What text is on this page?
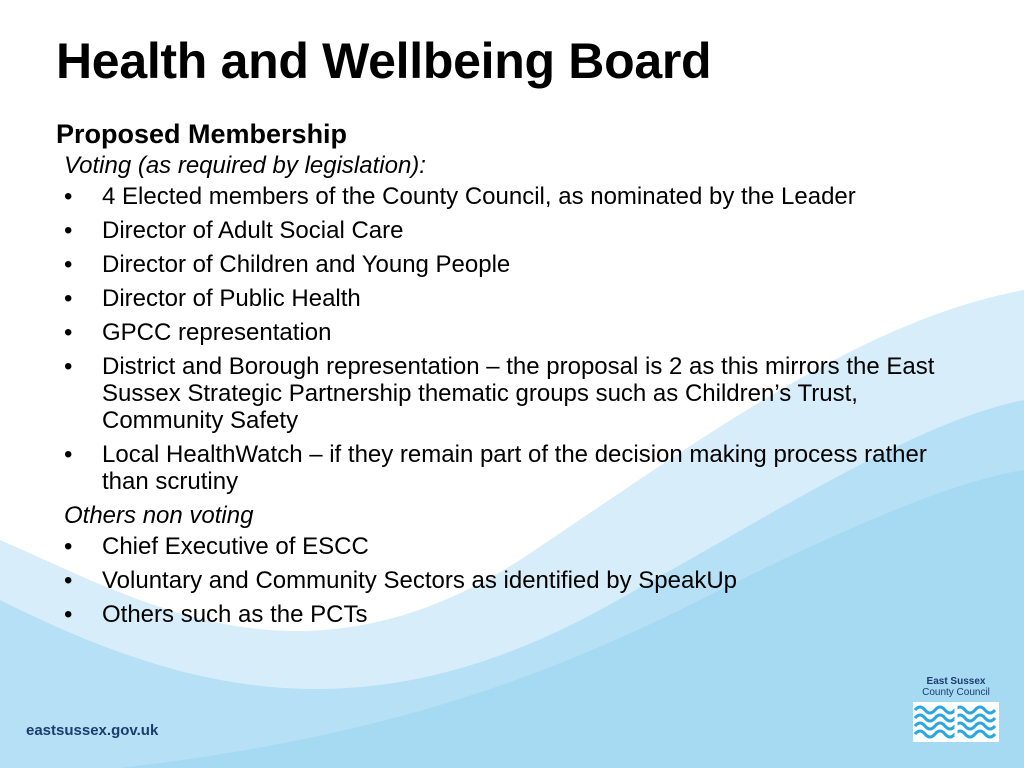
Health and Wellbeing Board
Proposed Membership
Voting (as required by legislation):
• 4 Elected members of the County Council, as nominated by the Leader
• Director of Adult Social Care
• Director of Children and Young People
• Director of Public Health
• GPCC representation
• District and Borough representation – the proposal is 2 as this mirrors the East Sussex Strategic Partnership thematic groups such as Children’s Trust, Community Safety
• Local HealthWatch – if they remain part of the decision making process rather than scrutiny
Others non voting
• Chief Executive of ESCC
• Voluntary and Community Sectors as identified by SpeakUp
• Others such as the PCTs
eastsussex.gov.uk
East Sussex
County Council
